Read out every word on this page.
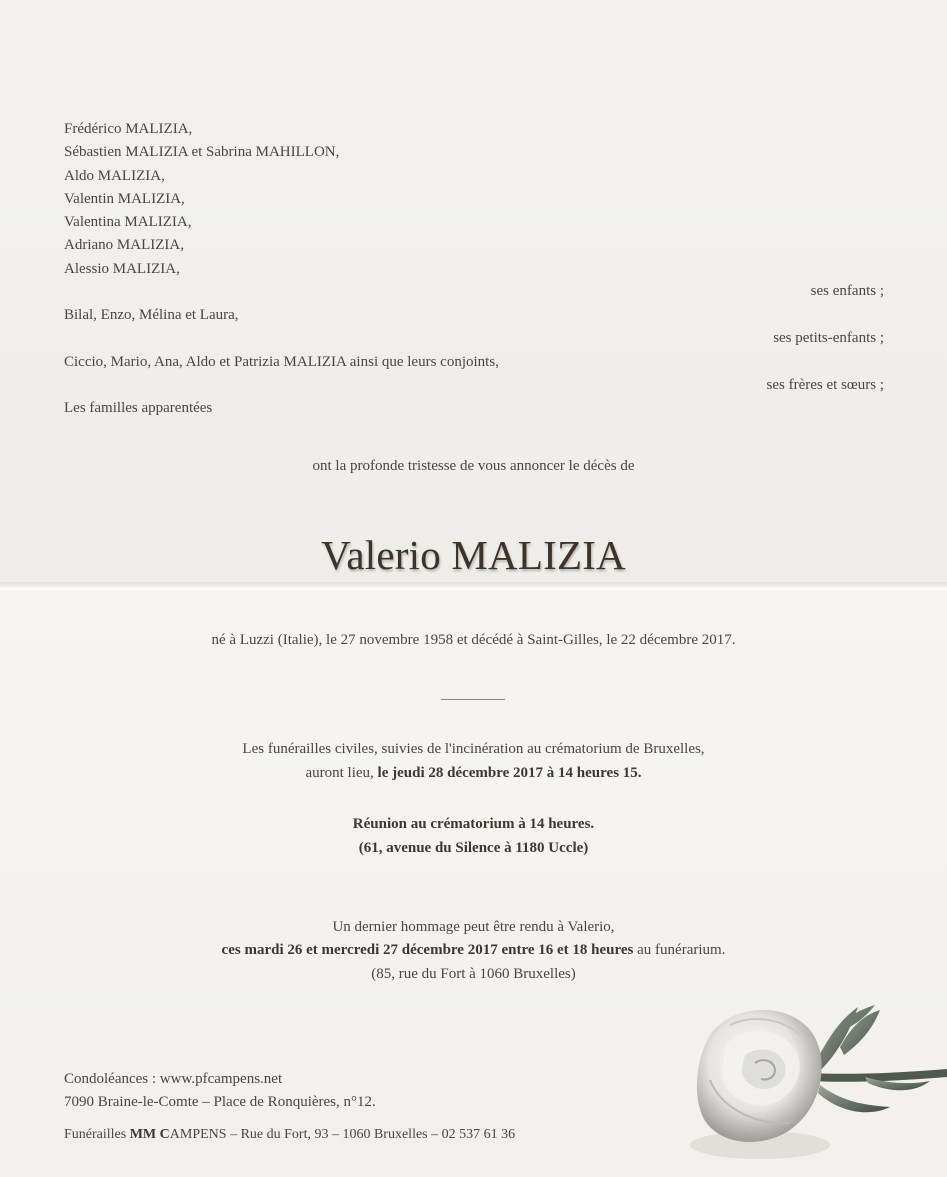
Frédérico MALIZIA,
Sébastien MALIZIA et Sabrina MAHILLON,
Aldo MALIZIA,
Valentin MALIZIA,
Valentina MALIZIA,
Adriano MALIZIA,
Alessio MALIZIA,
ses enfants ;
Bilal, Enzo, Mélina et Laura,
ses petits-enfants ;
Ciccio, Mario, Ana, Aldo et Patrizia MALIZIA ainsi que leurs conjoints,
ses frères et sœurs ;
Les familles apparentées
ont la profonde tristesse de vous annoncer le décès de
Valerio MALIZIA
né à Luzzi (Italie), le 27 novembre 1958 et décédé à Saint-Gilles, le 22 décembre 2017.
Les funérailles civiles, suivies de l'incinération au crématorium de Bruxelles,
auront lieu, le jeudi 28 décembre 2017 à 14 heures 15.
Réunion au crématorium à 14 heures.
(61, avenue du Silence à 1180 Uccle)
Un dernier hommage peut être rendu à Valerio,
ces mardi 26 et mercredi 27 décembre 2017 entre 16 et 18 heures au funérarium.
(85, rue du Fort à 1060 Bruxelles)
Condoléances : www.pfcampens.net
7090 Braine-le-Comte – Place de Ronquières, n°12.
Funérailles MM CAMPENS – Rue du Fort, 93 – 1060 Bruxelles – 02 537 61 36
